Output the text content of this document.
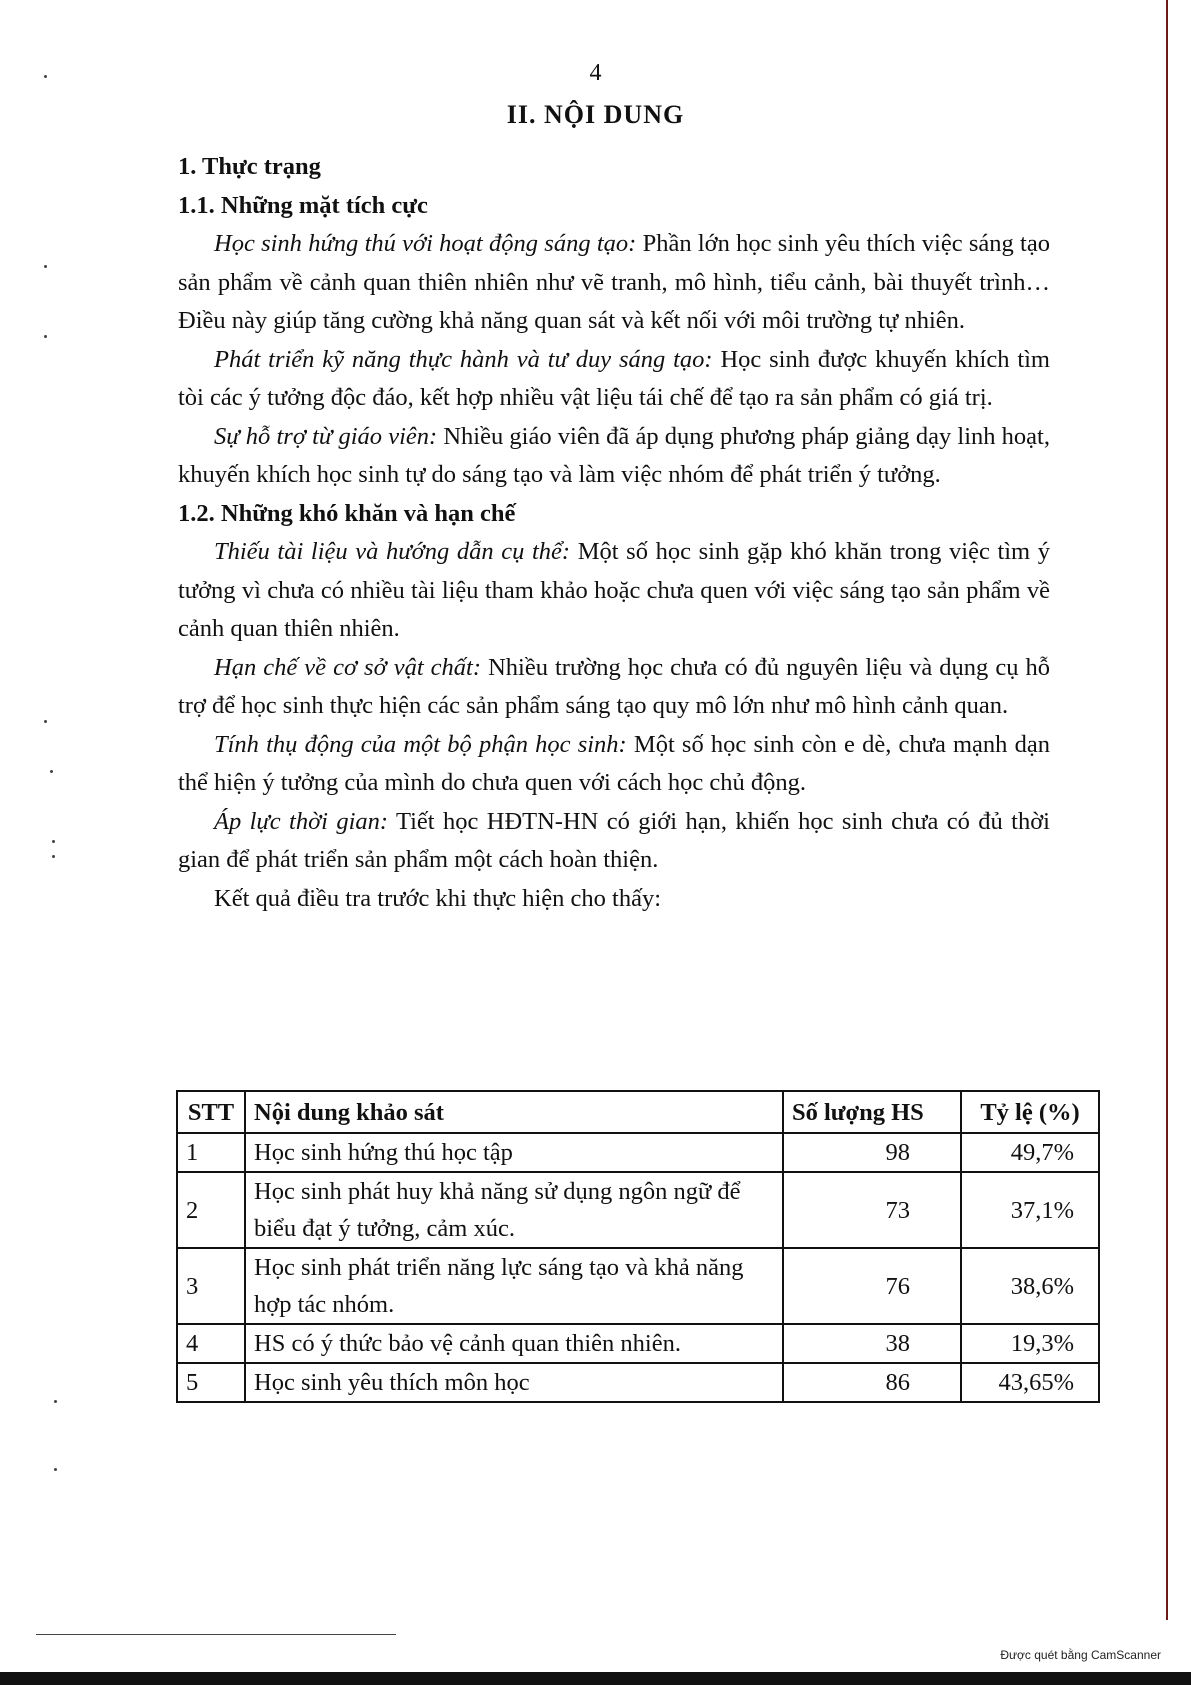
4
II. NỘI DUNG

1. Thực trạng

1.1. Những mặt tích cực

Học sinh hứng thú với hoạt động sáng tạo: Phần lớn học sinh yêu thích việc sáng tạo sản phẩm về cảnh quan thiên nhiên như vẽ tranh, mô hình, tiểu cảnh, bài thuyết trình… Điều này giúp tăng cường khả năng quan sát và kết nối với môi trường tự nhiên.

Phát triển kỹ năng thực hành và tư duy sáng tạo: Học sinh được khuyến khích tìm tòi các ý tưởng độc đáo, kết hợp nhiều vật liệu tái chế để tạo ra sản phẩm có giá trị.

Sự hỗ trợ từ giáo viên: Nhiều giáo viên đã áp dụng phương pháp giảng dạy linh hoạt, khuyến khích học sinh tự do sáng tạo và làm việc nhóm để phát triển ý tưởng.

1.2. Những khó khăn và hạn chế

Thiếu tài liệu và hướng dẫn cụ thể: Một số học sinh gặp khó khăn trong việc tìm ý tưởng vì chưa có nhiều tài liệu tham khảo hoặc chưa quen với việc sáng tạo sản phẩm về cảnh quan thiên nhiên.

Hạn chế về cơ sở vật chất: Nhiều trường học chưa có đủ nguyên liệu và dụng cụ hỗ trợ để học sinh thực hiện các sản phẩm sáng tạo quy mô lớn như mô hình cảnh quan.

Tính thụ động của một bộ phận học sinh: Một số học sinh còn e dè, chưa mạnh dạn thể hiện ý tưởng của mình do chưa quen với cách học chủ động.

Áp lực thời gian: Tiết học HĐTN-HN có giới hạn, khiến học sinh chưa có đủ thời gian để phát triển sản phẩm một cách hoàn thiện.

Kết quả điều tra trước khi thực hiện cho thấy:

STT	Nội dung khảo sát	Số lượng HS	Tỷ lệ (%)
1	Học sinh hứng thú học tập	98	49,7%
2	Học sinh phát huy khả năng sử dụng ngôn ngữ để biểu đạt ý tưởng, cảm xúc.	73	37,1%
3	Học sinh phát triển năng lực sáng tạo và khả năng hợp tác nhóm.	76	38,6%
4	HS có ý thức bảo vệ cảnh quan thiên nhiên.	38	19,3%
5	Học sinh yêu thích môn học	86	43,65%
Được quét bằng CamScanner
